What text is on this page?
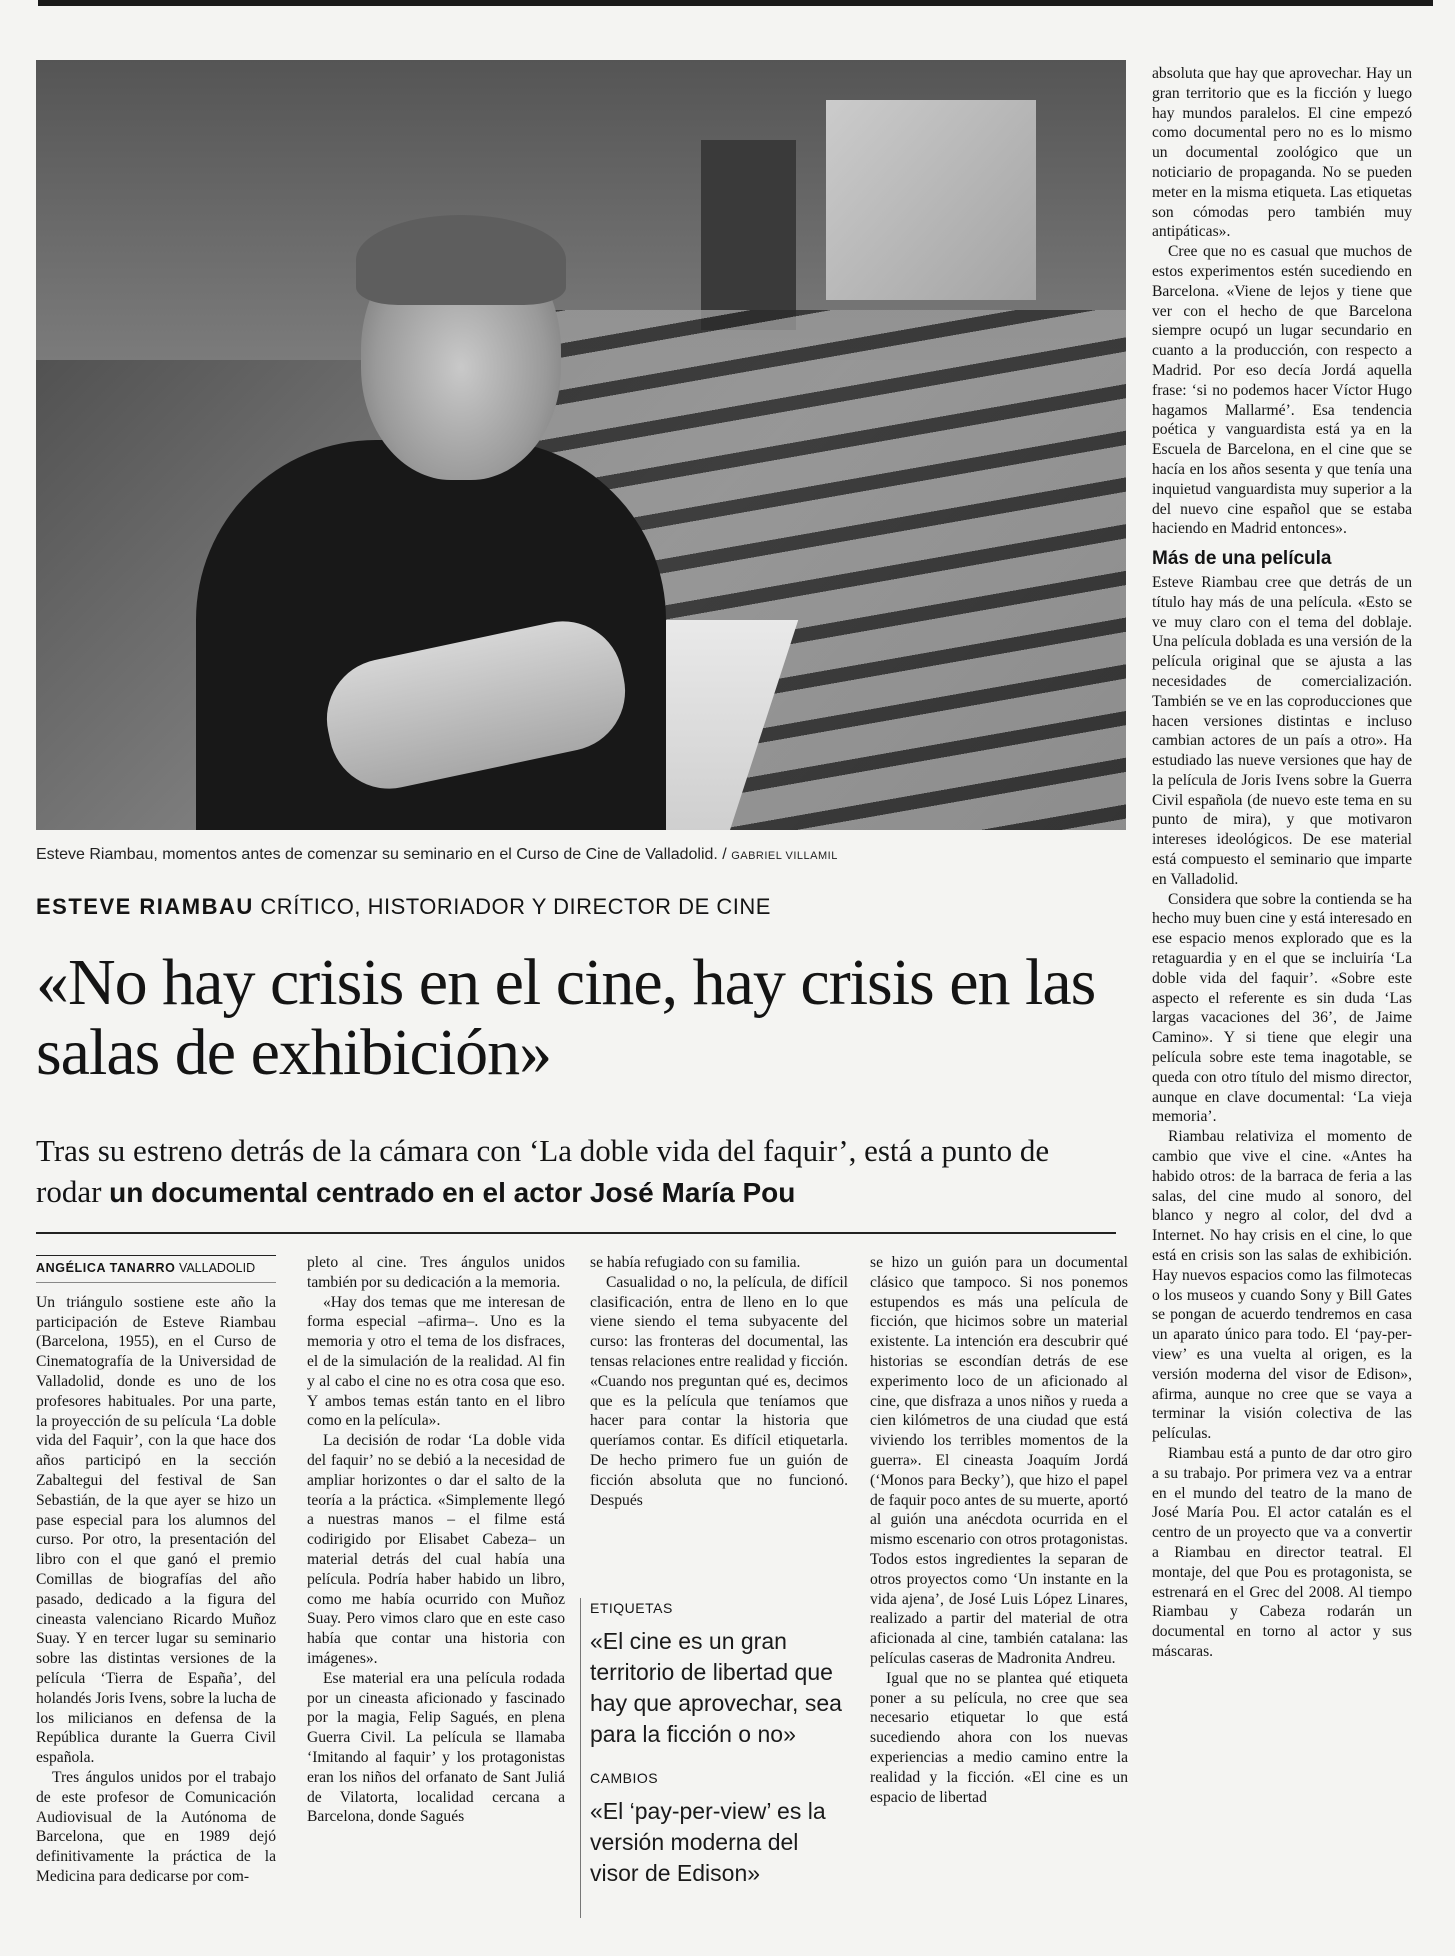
Esteve Riambau, momentos antes de comenzar su seminario en el Curso de Cine de Valladolid. / GABRIEL VILLAMIL
ESTEVE RIAMBAU CRÍTICO, HISTORIADOR Y DIRECTOR DE CINE
«No hay crisis en el cine, hay crisis en las salas de exhibición»
Tras su estreno detrás de la cámara con ‘La doble vida del faquir’, está a punto de rodar un documental centrado en el actor José María Pou
ANGÉLICA TANARRO VALLADOLID

Un triángulo sostiene este año la participación de Esteve Riambau (Barcelona, 1955), en el Curso de Cinematografía de la Universidad de Valladolid, donde es uno de los profesores habituales. Por una parte, la proyección de su película ‘La doble vida del Faquir’, con la que hace dos años participó en la sección Zabaltegui del festival de San Sebastián, de la que ayer se hizo un pase especial para los alumnos del curso. Por otro, la presentación del libro con el que ganó el premio Comillas de biografías del año pasado, dedicado a la figura del cineasta valenciano Ricardo Muñoz Suay. Y en tercer lugar su seminario sobre las distintas versiones de la película ‘Tierra de España’, del holandés Joris Ivens, sobre la lucha de los milicianos en defensa de la República durante la Guerra Civil española.

Tres ángulos unidos por el trabajo de este profesor de Comunicación Audiovisual de la Autónoma de Barcelona, que en 1989 dejó definitivamente la práctica de la Medicina para dedicarse por com-

pleto al cine. Tres ángulos unidos también por su dedicación a la memoria.

«Hay dos temas que me interesan de forma especial –afirma–. Uno es la memoria y otro el tema de los disfraces, el de la simulación de la realidad. Al fin y al cabo el cine no es otra cosa que eso. Y ambos temas están tanto en el libro como en la película».

La decisión de rodar ‘La doble vida del faquir’ no se debió a la necesidad de ampliar horizontes o dar el salto de la teoría a la práctica. «Simplemente llegó a nuestras manos – el filme está codirigido por Elisabet Cabeza– un material detrás del cual había una película. Podría haber habido un libro, como me había ocurrido con Muñoz Suay. Pero vimos claro que en este caso había que contar una historia con imágenes».

Ese material era una película rodada por un cineasta aficionado y fascinado por la magia, Felip Sagués, en plena Guerra Civil. La película se llamaba ‘Imitando al faquir’ y los protagonistas eran los niños del orfanato de Sant Juliá de Vilatorta, localidad cercana a Barcelona, donde Sagués

se había refugiado con su familia.

Casualidad o no, la película, de difícil clasificación, entra de lleno en lo que viene siendo el tema subyacente del curso: las fronteras del documental, las tensas relaciones entre realidad y ficción. «Cuando nos preguntan qué es, decimos que es la película que teníamos que hacer para contar la historia que queríamos contar. Es difícil etiquetarla. De hecho primero fue un guión de ficción absoluta que no funcionó. Después

ETIQUETAS
«El cine es un gran territorio de libertad que hay que aprovechar, sea para la ficción o no»
CAMBIOS
«El ‘pay-per-view’ es la versión moderna del visor de Edison»

se hizo un guión para un documental clásico que tampoco. Si nos ponemos estupendos es más una película de ficción, que hicimos sobre un material existente. La intención era descubrir qué historias se escondían detrás de ese experimento loco de un aficionado al cine, que disfraza a unos niños y rueda a cien kilómetros de una ciudad que está viviendo los terribles momentos de la guerra». El cineasta Joaquím Jordá (‘Monos para Becky’), que hizo el papel de faquir poco antes de su muerte, aportó al guión una anécdota ocurrida en el mismo escenario con otros protagonistas. Todos estos ingredientes la separan de otros proyectos como ‘Un instante en la vida ajena’, de José Luis López Linares, realizado a partir del material de otra aficionada al cine, también catalana: las películas caseras de Madronita Andreu.

Igual que no se plantea qué etiqueta poner a su película, no cree que sea necesario etiquetar lo que está sucediendo ahora con los nuevas experiencias a medio camino entre la realidad y la ficción. «El cine es un espacio de libertad

absoluta que hay que aprovechar. Hay un gran territorio que es la ficción y luego hay mundos paralelos. El cine empezó como documental pero no es lo mismo un documental zoológico que un noticiario de propaganda. No se pueden meter en la misma etiqueta. Las etiquetas son cómodas pero también muy antipáticas».

Cree que no es casual que muchos de estos experimentos estén sucediendo en Barcelona. «Viene de lejos y tiene que ver con el hecho de que Barcelona siempre ocupó un lugar secundario en cuanto a la producción, con respecto a Madrid. Por eso decía Jordá aquella frase: ‘si no podemos hacer Víctor Hugo hagamos Mallarmé’. Esa tendencia poética y vanguardista está ya en la Escuela de Barcelona, en el cine que se hacía en los años sesenta y que tenía una inquietud vanguardista muy superior a la del nuevo cine español que se estaba haciendo en Madrid entonces».

Más de una película

Esteve Riambau cree que detrás de un título hay más de una película. «Esto se ve muy claro con el tema del doblaje. Una película doblada es una versión de la película original que se ajusta a las necesidades de comercialización. También se ve en las coproducciones que hacen versiones distintas e incluso cambian actores de un país a otro». Ha estudiado las nueve versiones que hay de la película de Joris Ivens sobre la Guerra Civil española (de nuevo este tema en su punto de mira), y que motivaron intereses ideológicos. De ese material está compuesto el seminario que imparte en Valladolid.

Considera que sobre la contienda se ha hecho muy buen cine y está interesado en ese espacio menos explorado que es la retaguardia y en el que se incluiría ‘La doble vida del faquir’. «Sobre este aspecto el referente es sin duda ‘Las largas vacaciones del 36’, de Jaime Camino». Y si tiene que elegir una película sobre este tema inagotable, se queda con otro título del mismo director, aunque en clave documental: ‘La vieja memoria’.

Riambau relativiza el momento de cambio que vive el cine. «Antes ha habido otros: de la barraca de feria a las salas, del cine mudo al sonoro, del blanco y negro al color, del dvd a Internet. No hay crisis en el cine, lo que está en crisis son las salas de exhibición. Hay nuevos espacios como las filmotecas o los museos y cuando Sony y Bill Gates se pongan de acuerdo tendremos en casa un aparato único para todo. El ‘pay-per-view’ es una vuelta al origen, es la versión moderna del visor de Edison», afirma, aunque no cree que se vaya a terminar la visión colectiva de las películas.

Riambau está a punto de dar otro giro a su trabajo. Por primera vez va a entrar en el mundo del teatro de la mano de José María Pou. El actor catalán es el centro de un proyecto que va a convertir a Riambau en director teatral. El montaje, del que Pou es protagonista, se estrenará en el Grec del 2008. Al tiempo Riambau y Cabeza rodarán un documental en torno al actor y sus máscaras.
